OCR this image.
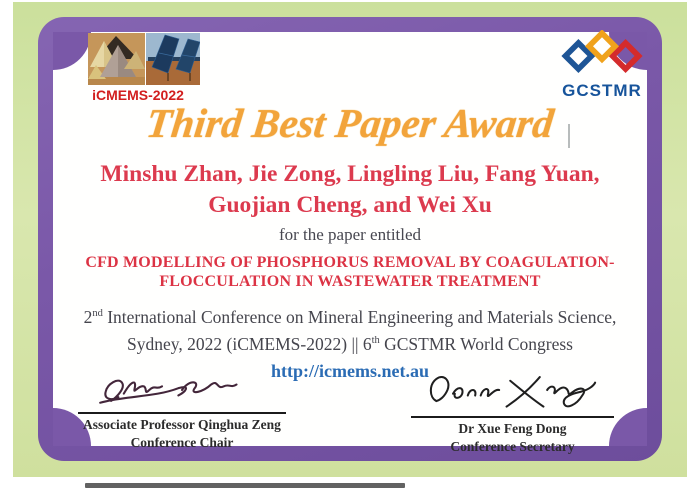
iCMEMS-2022	GCSTMR
Third Best Paper Award
Minshu Zhan, Jie Zong, Lingling Liu, Fang Yuan,
Guojian Cheng, and Wei Xu
for the paper entitled
CFD MODELLING OF PHOSPHORUS REMOVAL BY COAGULATION-
FLOCCULATION IN WASTEWATER TREATMENT
2nd International Conference on Mineral Engineering and Materials Science,
Sydney, 2022 (iCMEMS-2022) || 6th GCSTMR World Congress
http://icmems.net.au
Associate Professor Qinghua Zeng
Conference Chair
Dr Xue Feng Dong
Conference Secretary
